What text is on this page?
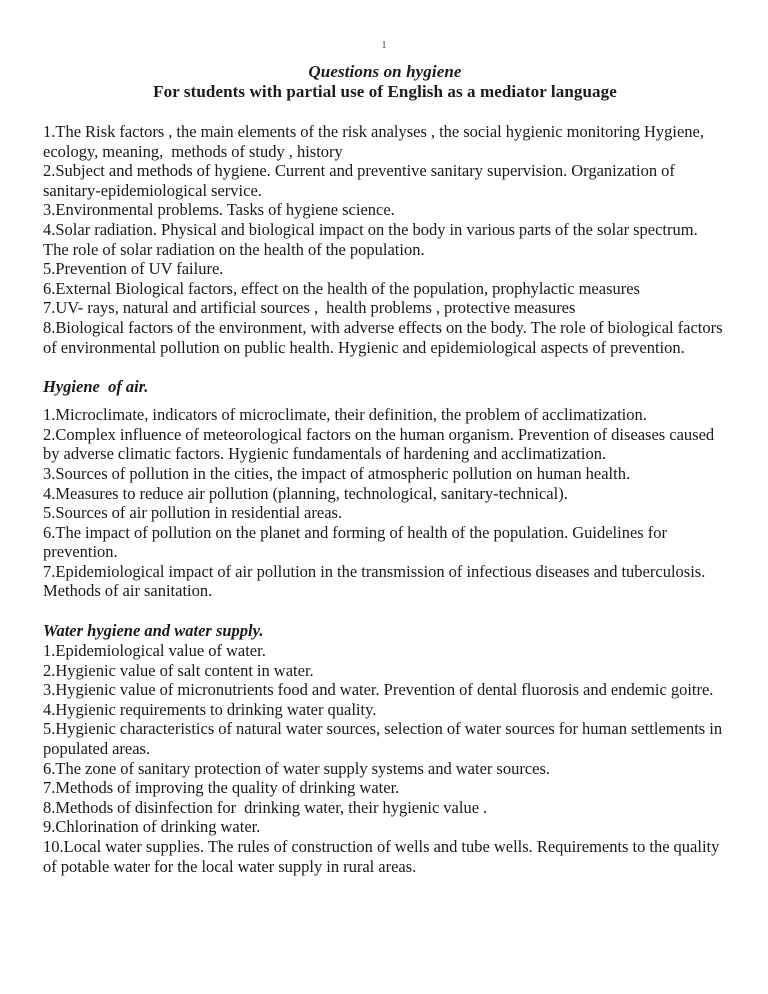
1
Questions on hygiene
For students with partial use of English as a mediator language
1.The Risk factors , the main elements of the risk analyses , the social hygienic monitoring Hygiene, ecology, meaning,  methods of study , history
2.Subject and methods of hygiene. Current and preventive sanitary supervision. Organization of sanitary-epidemiological service.
3.Environmental problems. Tasks of hygiene science.
4.Solar radiation. Physical and biological impact on the body in various parts of the solar spectrum. The role of solar radiation on the health of the population.
5.Prevention of UV failure.
6.External Biological factors, effect on the health of the population, prophylactic measures
7.UV- rays, natural and artificial sources ,  health problems , protective measures
8.Biological factors of the environment, with adverse effects on the body. The role of biological factors of environmental pollution on public health. Hygienic and epidemiological aspects of prevention.
Hygiene  of air.
1.Microclimate, indicators of microclimate, their definition, the problem of acclimatization.
2.Complex influence of meteorological factors on the human organism. Prevention of diseases caused by adverse climatic factors. Hygienic fundamentals of hardening and acclimatization.
3.Sources of pollution in the cities, the impact of atmospheric pollution on human health.
4.Measures to reduce air pollution (planning, technological, sanitary-technical).
5.Sources of air pollution in residential areas.
6.The impact of pollution on the planet and forming of health of the population. Guidelines for prevention.
7.Epidemiological impact of air pollution in the transmission of infectious diseases and tuberculosis. Methods of air sanitation.
Water hygiene and water supply.
1.Epidemiological value of water.
2.Hygienic value of salt content in water.
3.Hygienic value of micronutrients food and water. Prevention of dental fluorosis and endemic goitre.
4.Hygienic requirements to drinking water quality.
5.Hygienic characteristics of natural water sources, selection of water sources for human settlements in populated areas.
6.The zone of sanitary protection of water supply systems and water sources.
7.Methods of improving the quality of drinking water.
8.Methods of disinfection for  drinking water, their hygienic value .
9.Chlorination of drinking water.
10.Local water supplies. The rules of construction of wells and tube wells. Requirements to the quality of potable water for the local water supply in rural areas.
